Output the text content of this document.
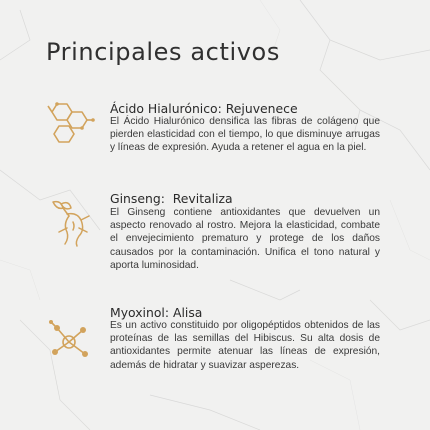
Principales activos
Ácido Hialurónico: Rejuvenece

El Ácido Hialurónico densifica las fibras de colágeno que pierden elasticidad con el tiempo, lo que disminuye arrugas y líneas de expresión. Ayuda a retener el agua en la piel.

Ginseng:  Revitaliza

El Ginseng contiene antioxidantes que devuelven un aspecto renovado al rostro. Mejora la elasticidad, combate el envejecimiento prematuro y protege de los daños causados por la contaminación. Unifica el tono natural y aporta luminosidad.

Myoxinol: Alisa

Es un activo constituido por oligopéptidos obtenidos de las proteínas de las semillas del Hibiscus. Su alta dosis de antioxidantes permite atenuar las líneas de expresión, además de hidratar y suavizar asperezas.
